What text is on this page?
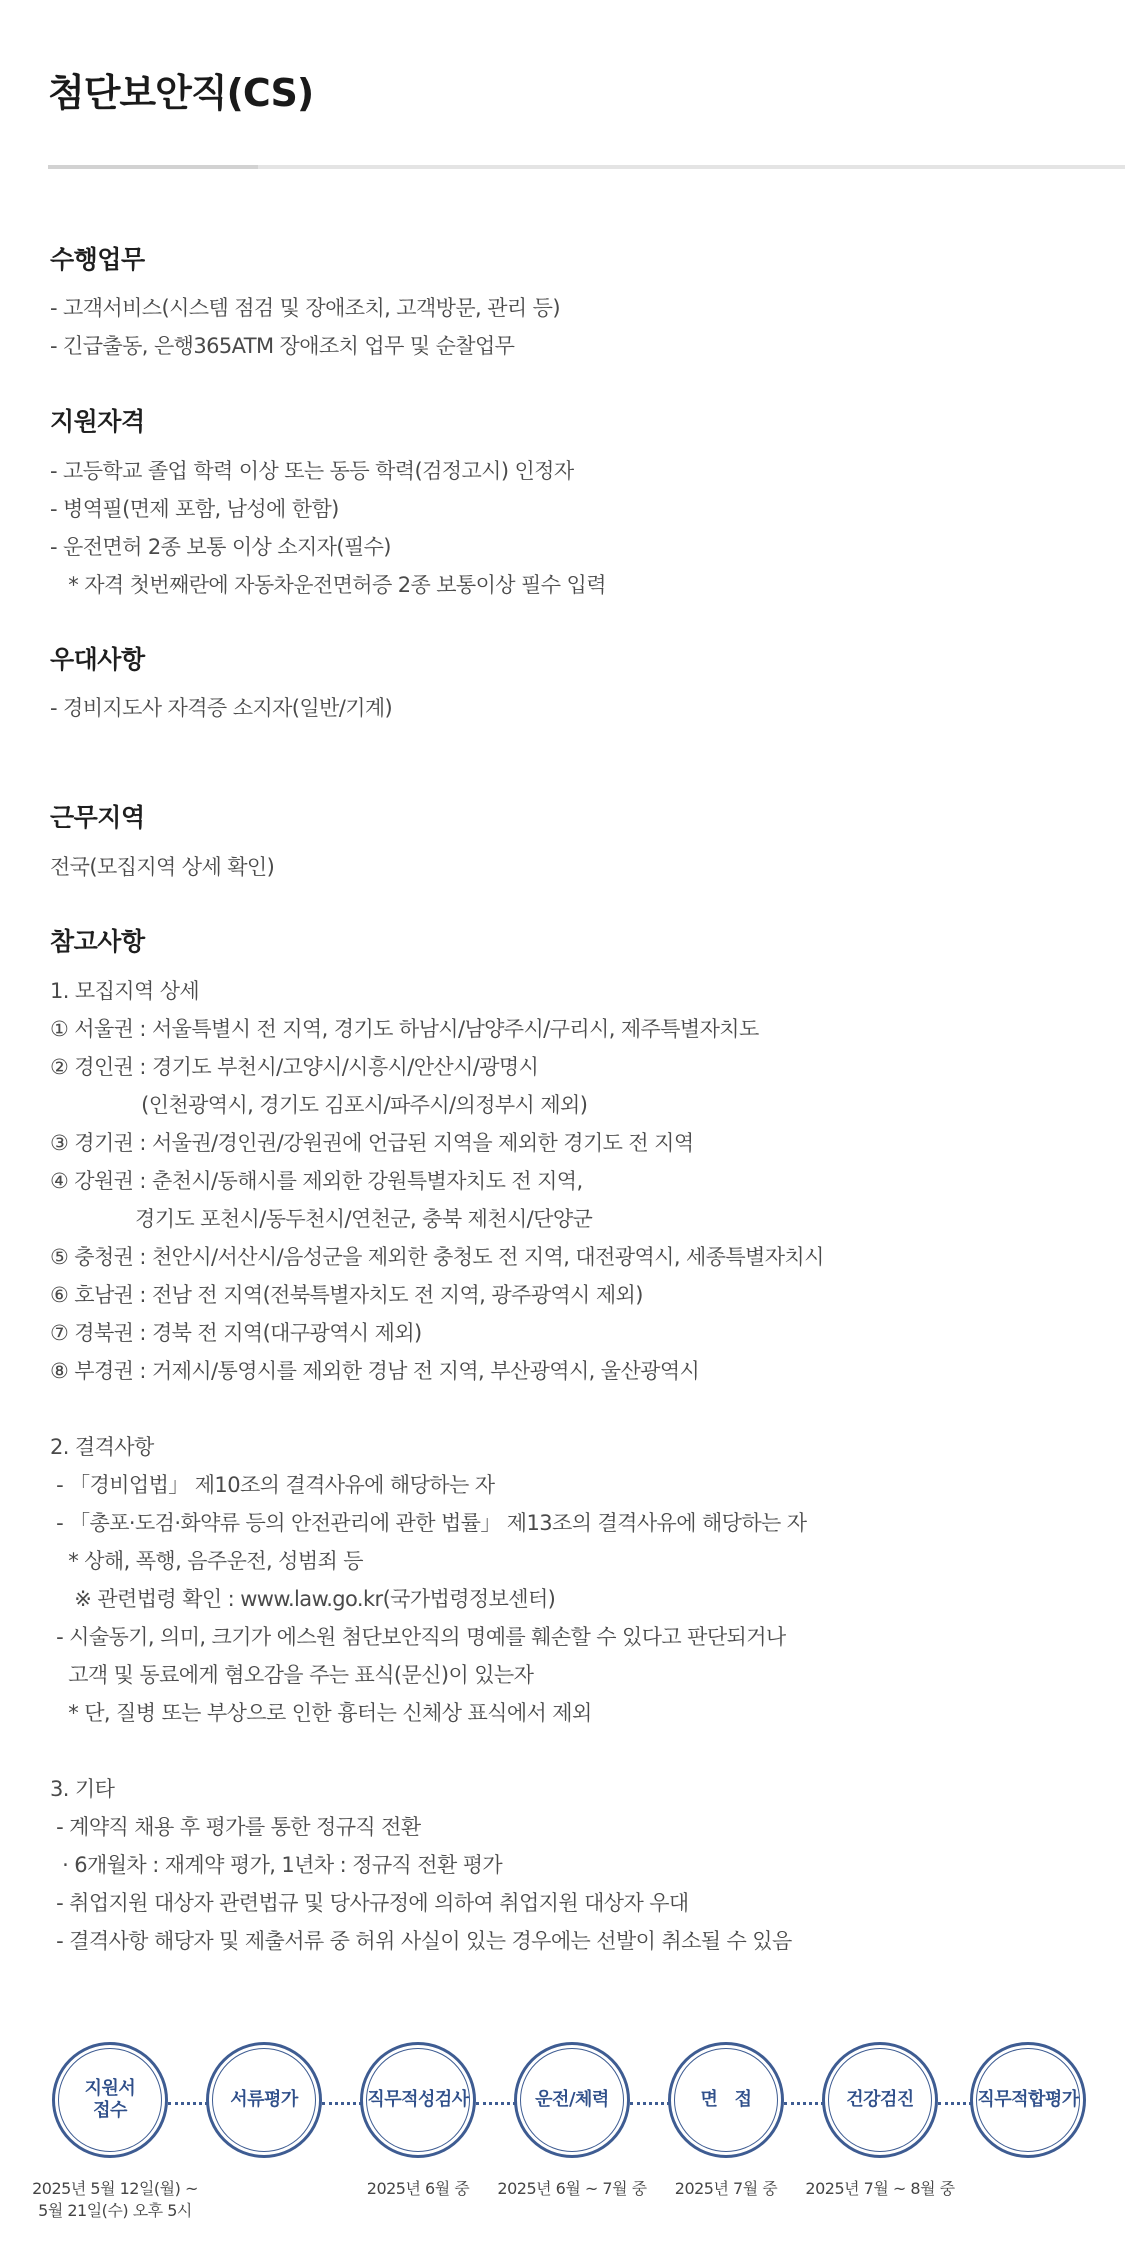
첨단보안직(CS)
수행업무

- 고객서비스(시스템 점검 및 장애조치, 고객방문, 관리 등)

- 긴급출동, 은행365ATM 장애조치 업무 및 순찰업무

지원자격

- 고등학교 졸업 학력 이상 또는 동등 학력(검정고시) 인정자

- 병역필(면제 포함, 남성에 한함)

- 운전면허 2종 보통 이상 소지자(필수)

* 자격 첫번째란에 자동차운전면허증 2종 보통이상 필수 입력

우대사항

- 경비지도사 자격증 소지자(일반/기계)

근무지역

전국(모집지역 상세 확인)

참고사항

1. 모집지역 상세

① 서울권 : 서울특별시 전 지역, 경기도 하남시/남양주시/구리시, 제주특별자치도

② 경인권 : 경기도 부천시/고양시/시흥시/안산시/광명시

(인천광역시, 경기도 김포시/파주시/의정부시 제외)

③ 경기권 : 서울권/경인권/강원권에 언급된 지역을 제외한 경기도 전 지역

④ 강원권 : 춘천시/동해시를 제외한 강원특별자치도 전 지역,

경기도 포천시/동두천시/연천군, 충북 제천시/단양군

⑤ 충청권 : 천안시/서산시/음성군을 제외한 충청도 전 지역, 대전광역시, 세종특별자치시

⑥ 호남권 : 전남 전 지역(전북특별자치도 전 지역, 광주광역시 제외)

⑦ 경북권 : 경북 전 지역(대구광역시 제외)

⑧ 부경권 : 거제시/통영시를 제외한 경남 전 지역, 부산광역시, 울산광역시

2. 결격사항

- 「경비업법」 제10조의 결격사유에 해당하는 자

- 「총포·도검·화약류 등의 안전관리에 관한 법률」 제13조의 결격사유에 해당하는 자

* 상해, 폭행, 음주운전, 성범죄 등

※ 관련법령 확인 : www.law.go.kr(국가법령정보센터)

- 시술동기, 의미, 크기가 에스원 첨단보안직의 명예를 훼손할 수 있다고 판단되거나

고객 및 동료에게 혐오감을 주는 표식(문신)이 있는자

* 단, 질병 또는 부상으로 인한 흉터는 신체상 표식에서 제외

3. 기타

- 계약직 채용 후 평가를 통한 정규직 전환

· 6개월차 : 재계약 평가, 1년차 : 정규직 전환 평가

- 취업지원 대상자 관련법규 및 당사규정에 의하여 취업지원 대상자 우대

- 결격사항 해당자 및 제출서류 중 허위 사실이 있는 경우에는 선발이 취소될 수 있음

지원서
접수
서류평가	직무적성검사	운전/체력	면   접	건강검진	직무적합평가
2025년 5월 12일(월) ~
5월 21일(수) 오후 5시
2025년 6월 중	2025년 6월 ~ 7월 중	2025년 7월 중	2025년 7월 ~ 8월 중
